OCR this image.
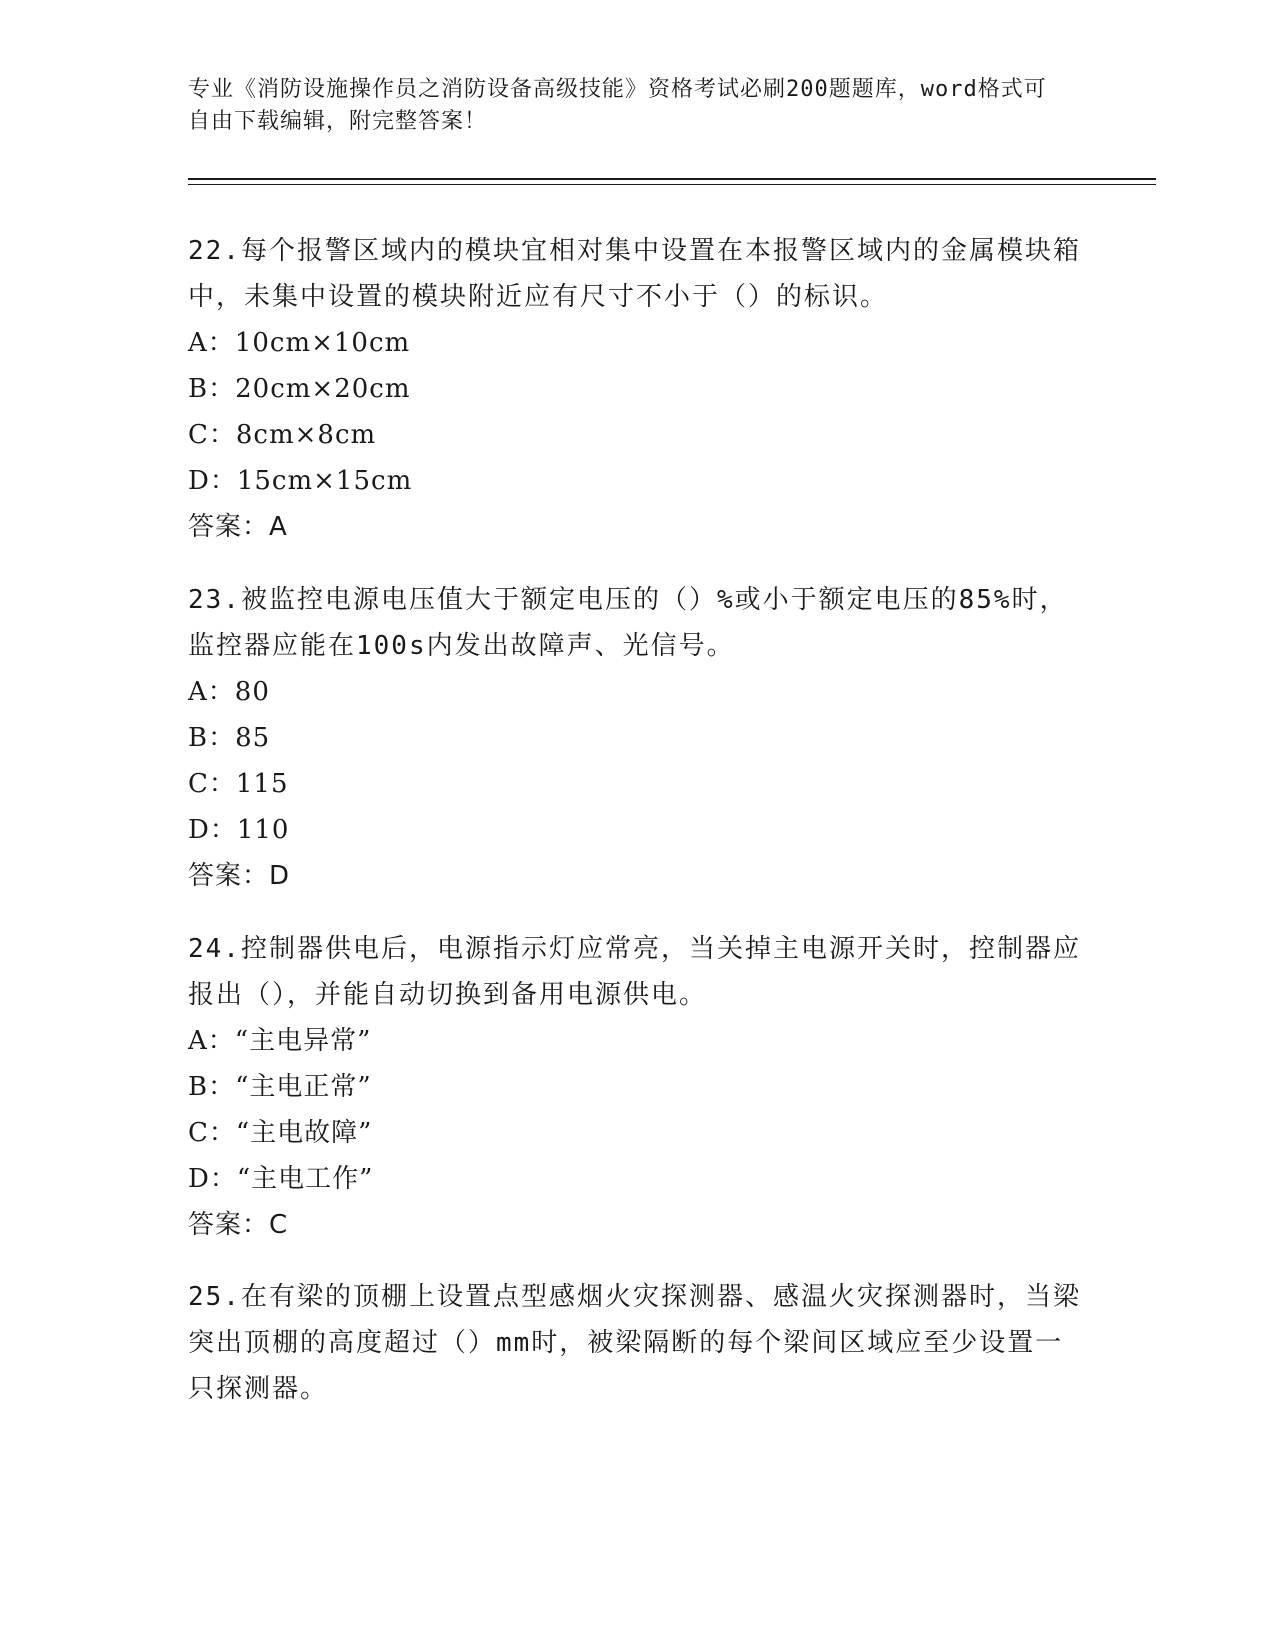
专业《消防设施操作员之消防设备高级技能》资格考试必刷200题题库，word格式可自由下载编辑，附完整答案！
22.每个报警区域内的模块宜相对集中设置在本报警区域内的金属模块箱中，未集中设置的模块附近应有尺寸不小于（）的标识。
A：10cm×10cm
B：20cm×20cm
C：8cm×8cm
D：15cm×15cm
答案：A
23.被监控电源电压值大于额定电压的（）%或小于额定电压的85%时，监控器应能在100s内发出故障声、光信号。
A：80
B：85
C：115
D：110
答案：D
24.控制器供电后，电源指示灯应常亮，当关掉主电源开关时，控制器应报出（），并能自动切换到备用电源供电。
A：“主电异常”
B：“主电正常”
C：“主电故障”
D：“主电工作”
答案：C
25.在有梁的顶棚上设置点型感烟火灾探测器、感温火灾探测器时，当梁突出顶棚的高度超过（）mm时，被梁隔断的每个梁间区域应至少设置一只探测器。
